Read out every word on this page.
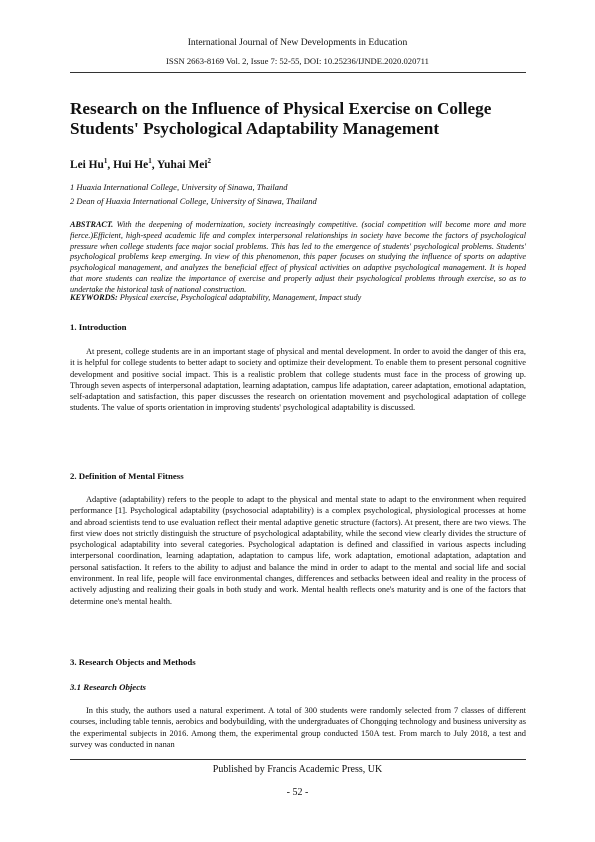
International Journal of New Developments in Education
ISSN 2663-8169 Vol. 2, Issue 7: 52-55, DOI: 10.25236/IJNDE.2020.020711
Research on the Influence of Physical Exercise on College Students' Psychological Adaptability Management

Lei Hu$^1$, Hui He$^1$, Yuhai Mei$^2$

1 Huaxia International College, University of Sinawa, Thailand

2 Dean of Huaxia International College, University of Sinawa, Thailand

ABSTRACT. With the deepening of modernization, society increasingly competitive. (social competition will become more and more fierce.)Efficient, high-speed academic life and complex interpersonal relationships in society have become the factors of psychological pressure when college students face major social problems. This has led to the emergence of students' psychological problems. Students' psychological problems keep emerging. In view of this phenomenon, this paper focuses on studying the influence of sports on adaptive psychological management, and analyzes the beneficial effect of physical activities on adaptive psychological management. It is hoped that more students can realize the importance of exercise and properly adjust their psychological problems through exercise, so as to undertake the historical task of national construction.

KEYWORDS: Physical exercise, Psychological adaptability, Management, Impact study

1. Introduction

At present, college students are in an important stage of physical and mental development. In order to avoid the danger of this era, it is helpful for college students to better adapt to society and optimize their development. To enable them to present personal cognitive development and positive social impact. This is a realistic problem that college students must face in the process of growing up. Through seven aspects of interpersonal adaptation, learning adaptation, campus life adaptation, career adaptation, emotional adaptation, self-adaptation and satisfaction, this paper discusses the research on orientation movement and psychological adaptation of college students. The value of sports orientation in improving students' psychological adaptability is discussed.

2. Definition of Mental Fitness

Adaptive (adaptability) refers to the people to adapt to the physical and mental state to adapt to the environment when required performance [1]. Psychological adaptability (psychosocial adaptability) is a complex psychological, physiological processes at home and abroad scientists tend to use evaluation reflect their mental adaptive genetic structure (factors). At present, there are two views. The first view does not strictly distinguish the structure of psychological adaptability, while the second view clearly divides the structure of psychological adaptability into several categories. Psychological adaptation is defined and classified in various aspects including interpersonal coordination, learning adaptation, adaptation to campus life, work adaptation, emotional adaptation, adaptation and personal satisfaction. It refers to the ability to adjust and balance the mind in order to adapt to the mental and social life and social environment. In real life, people will face environmental changes, differences and setbacks between ideal and reality in the process of actively adjusting and realizing their goals in both study and work. Mental health reflects one's maturity and is one of the factors that determine one's mental health.

3. Research Objects and Methods
3.1 Research Objects

In this study, the authors used a natural experiment. A total of 300 students were randomly selected from 7 classes of different courses, including table tennis, aerobics and bodybuilding, with the undergraduates of Chongqing technology and business university as the experimental subjects in 2016. Among them, the experimental group conducted 150A test. From march to July 2018, a test and survey was conducted in nanan

Published by Francis Academic Press, UK
- 52 -
